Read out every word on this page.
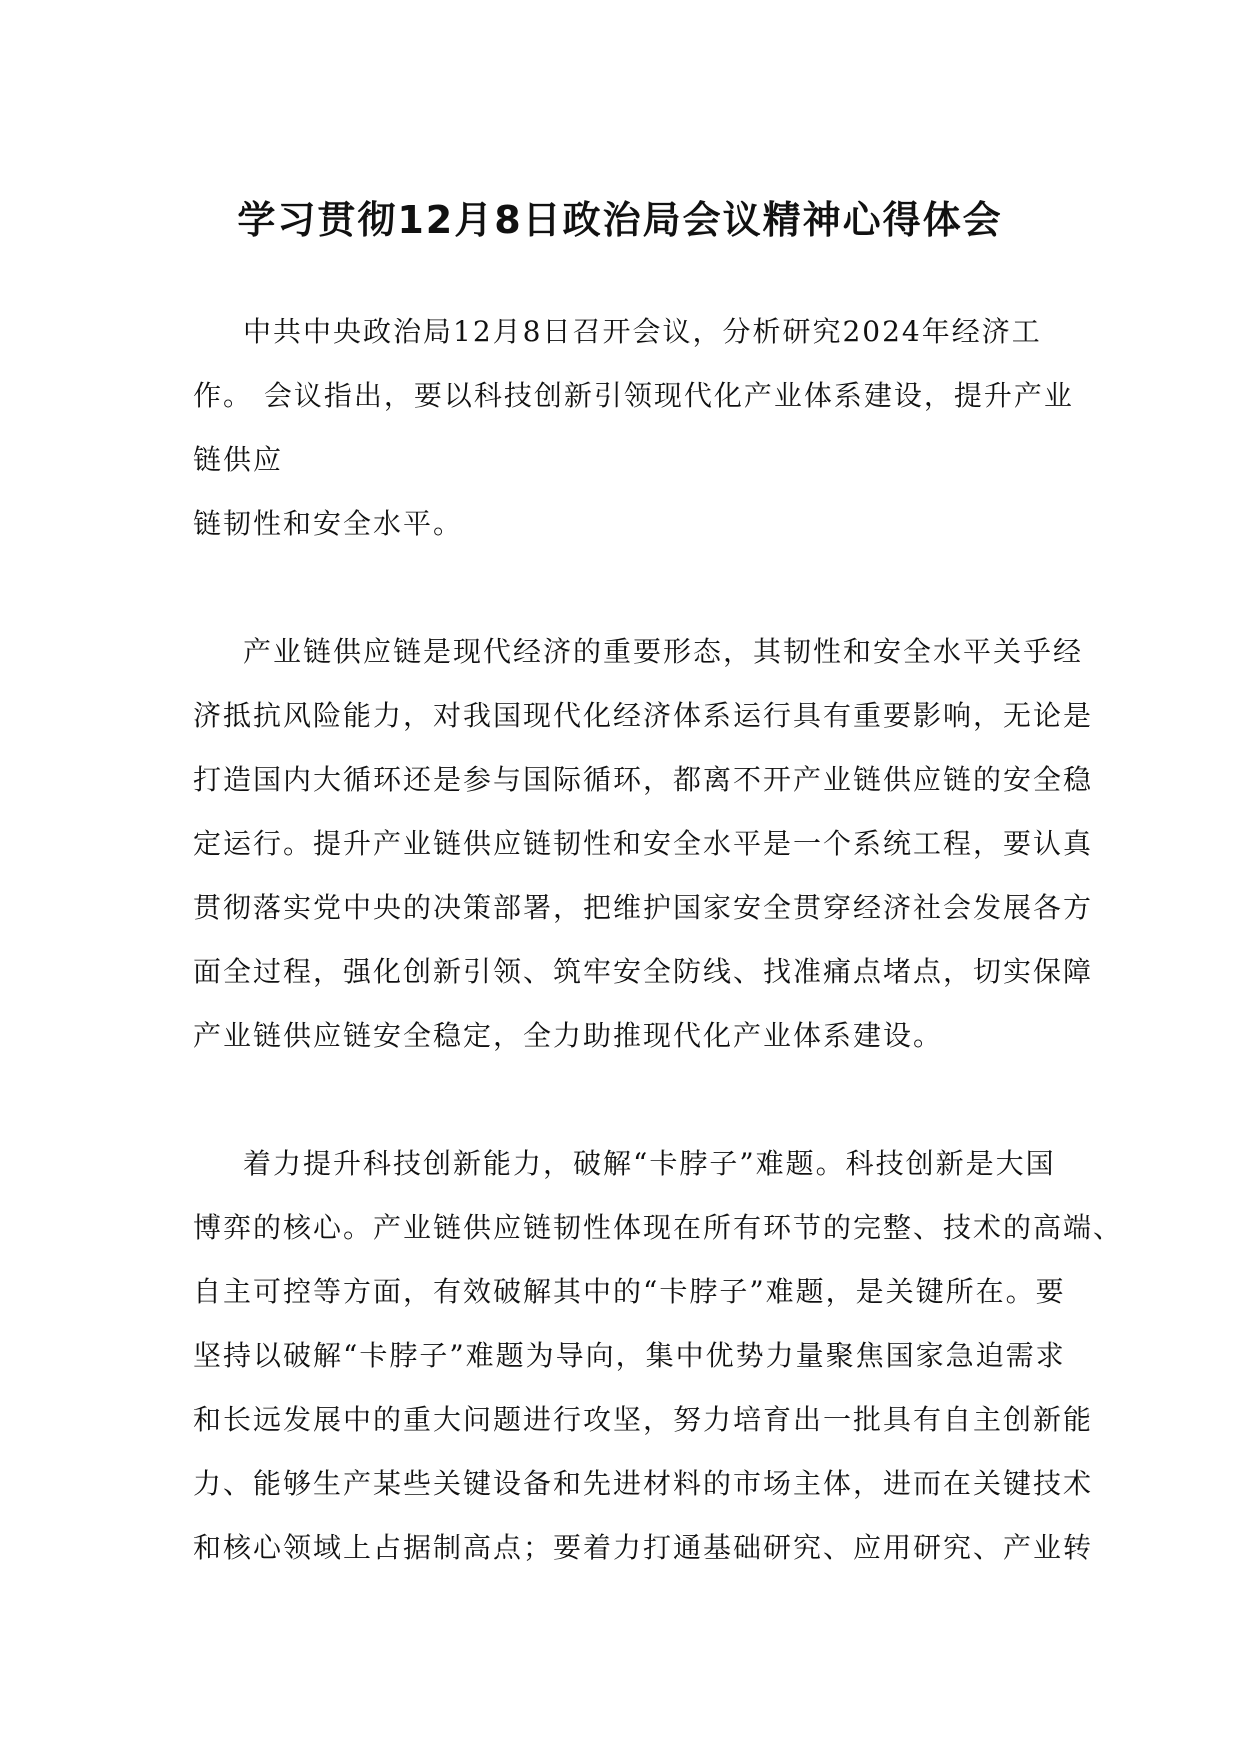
学习贯彻12月8日政治局会议精神心得体会
中共中央政治局12月8日召开会议，分析研究2024年经济工
作。 会议指出，要以科技创新引领现代化产业体系建设，提升产业
链供应
链韧性和安全水平。
产业链供应链是现代经济的重要形态，其韧性和安全水平关乎经
济抵抗风险能力，对我国现代化经济体系运行具有重要影响，无论是
打造国内大循环还是参与国际循环，都离不开产业链供应链的安全稳
定运行。提升产业链供应链韧性和安全水平是一个系统工程，要认真
贯彻落实党中央的决策部署，把维护国家安全贯穿经济社会发展各方
面全过程，强化创新引领、筑牢安全防线、找准痛点堵点，切实保障
产业链供应链安全稳定，全力助推现代化产业体系建设。
着力提升科技创新能力，破解“卡脖子”难题。科技创新是大国
博弈的核心。产业链供应链韧性体现在所有环节的完整、技术的高端、
自主可控等方面，有效破解其中的“卡脖子”难题，是关键所在。要
坚持以破解“卡脖子”难题为导向，集中优势力量聚焦国家急迫需求
和长远发展中的重大问题进行攻坚，努力培育出一批具有自主创新能
力、能够生产某些关键设备和先进材料的市场主体，进而在关键技术
和核心领域上占据制高点；要着力打通基础研究、应用研究、产业转
